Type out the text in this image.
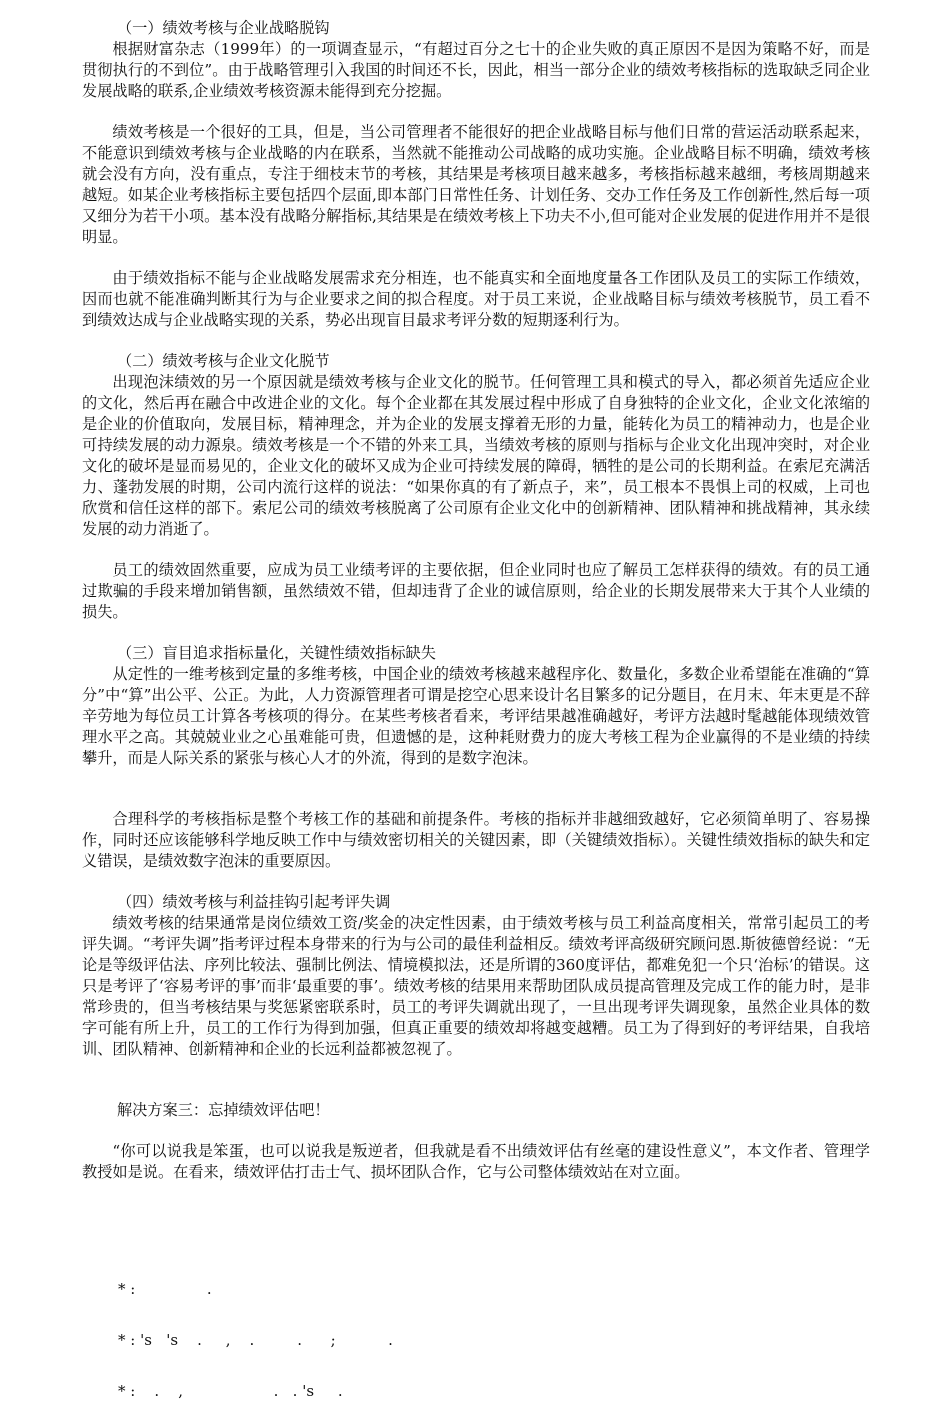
（一）绩效考核与企业战略脱钩

根据财富杂志（1999年）的一项调查显示，“有超过百分之七十的企业失败的真正原因不是因为策略不好，而是贯彻执行的不到位”。由于战略管理引入我国的时间还不长，因此，相当一部分企业的绩效考核指标的选取缺乏同企业发展战略的联系,企业绩效考核资源未能得到充分挖掘。

绩效考核是一个很好的工具，但是，当公司管理者不能很好的把企业战略目标与他们日常的营运活动联系起来，不能意识到绩效考核与企业战略的内在联系，当然就不能推动公司战略的成功实施。企业战略目标不明确，绩效考核就会没有方向，没有重点，专注于细枝末节的考核，其结果是考核项目越来越多，考核指标越来越细，考核周期越来越短。如某企业考核指标主要包括四个层面,即本部门日常性任务、计划任务、交办工作任务及工作创新性,然后每一项又细分为若干小项。基本没有战略分解指标,其结果是在绩效考核上下功夫不小,但可能对企业发展的促进作用并不是很明显。

由于绩效指标不能与企业战略发展需求充分相连，也不能真实和全面地度量各工作团队及员工的实际工作绩效，因而也就不能准确判断其行为与企业要求之间的拟合程度。对于员工来说，企业战略目标与绩效考核脱节，员工看不到绩效达成与企业战略实现的关系，势必出现盲目最求考评分数的短期逐利行为。

（二）绩效考核与企业文化脱节

出现泡沫绩效的另一个原因就是绩效考核与企业文化的脱节。任何管理工具和模式的导入，都必须首先适应企业的文化，然后再在融合中改进企业的文化。每个企业都在其发展过程中形成了自身独特的企业文化，企业文化浓缩的是企业的价值取向，发展目标，精神理念，并为企业的发展支撑着无形的力量，能转化为员工的精神动力，也是企业可持续发展的动力源泉。绩效考核是一个不错的外来工具，当绩效考核的原则与指标与企业文化出现冲突时，对企业文化的破坏是显而易见的，企业文化的破坏又成为企业可持续发展的障碍，牺牲的是公司的长期利益。在索尼充满活力、蓬勃发展的时期，公司内流行这样的说法：“如果你真的有了新点子，来”，员工根本不畏惧上司的权威，上司也欣赏和信任这样的部下。索尼公司的绩效考核脱离了公司原有企业文化中的创新精神、团队精神和挑战精神，其永续发展的动力消逝了。

员工的绩效固然重要，应成为员工业绩考评的主要依据，但企业同时也应了解员工怎样获得的绩效。有的员工通过欺骗的手段来增加销售额，虽然绩效不错，但却违背了企业的诚信原则，给企业的长期发展带来大于其个人业绩的损失。

（三）盲目追求指标量化，关键性绩效指标缺失

从定性的一维考核到定量的多维考核，中国企业的绩效考核越来越程序化、数量化，多数企业希望能在准确的“算分”中“算”出公平、公正。为此，人力资源管理者可谓是挖空心思来设计名目繁多的记分题目，在月末、年末更是不辞辛劳地为每位员工计算各考核项的得分。在某些考核者看来，考评结果越准确越好，考评方法越时髦越能体现绩效管理水平之高。其兢兢业业之心虽难能可贵，但遗憾的是，这种耗财费力的庞大考核工程为企业赢得的不是业绩的持续攀升，而是人际关系的紧张与核心人才的外流，得到的是数字泡沫。

合理科学的考核指标是整个考核工作的基础和前提条件。考核的指标并非越细致越好，它必须简单明了、容易操作，同时还应该能够科学地反映工作中与绩效密切相关的关键因素，即（关键绩效指标）。关键性绩效指标的缺失和定义错误，是绩效数字泡沫的重要原因。

（四）绩效考核与利益挂钩引起考评失调

绩效考核的结果通常是岗位绩效工资/奖金的决定性因素，由于绩效考核与员工利益高度相关，常常引起员工的考评失调。“考评失调”指考评过程本身带来的行为与公司的最佳利益相反。绩效考评高级研究顾问恩.斯彼德曾经说：“无论是等级评估法、序列比较法、强制比例法、情境模拟法，还是所谓的360度评估，都难免犯一个只‘治标’的错误。这只是考评了‘容易考评的事’而非‘最重要的事’。绩效考核的结果用来帮助团队成员提高管理及完成工作的能力时，是非常珍贵的，但当考核结果与奖惩紧密联系时，员工的考评失调就出现了，一旦出现考评失调现象，虽然企业具体的数字可能有所上升，员工的工作行为得到加强，但真正重要的绩效却将越变越糟。员工为了得到好的考评结果，自我培训、团队精神、创新精神和企业的长远利益都被忽视了。

解决方案三：忘掉绩效评估吧！

“你可以说我是笨蛋，也可以说我是叛逆者，但我就是看不出绩效评估有丝毫的建设性意义”，本文作者、管理学教授如是说。在看来，绩效评估打击士气、损坏团队合作，它与公司整体绩效站在对立面。

* :               .

* : 's   's    .     ,    .         .      ;           .

* :    .    ,                   .   . 's     .
